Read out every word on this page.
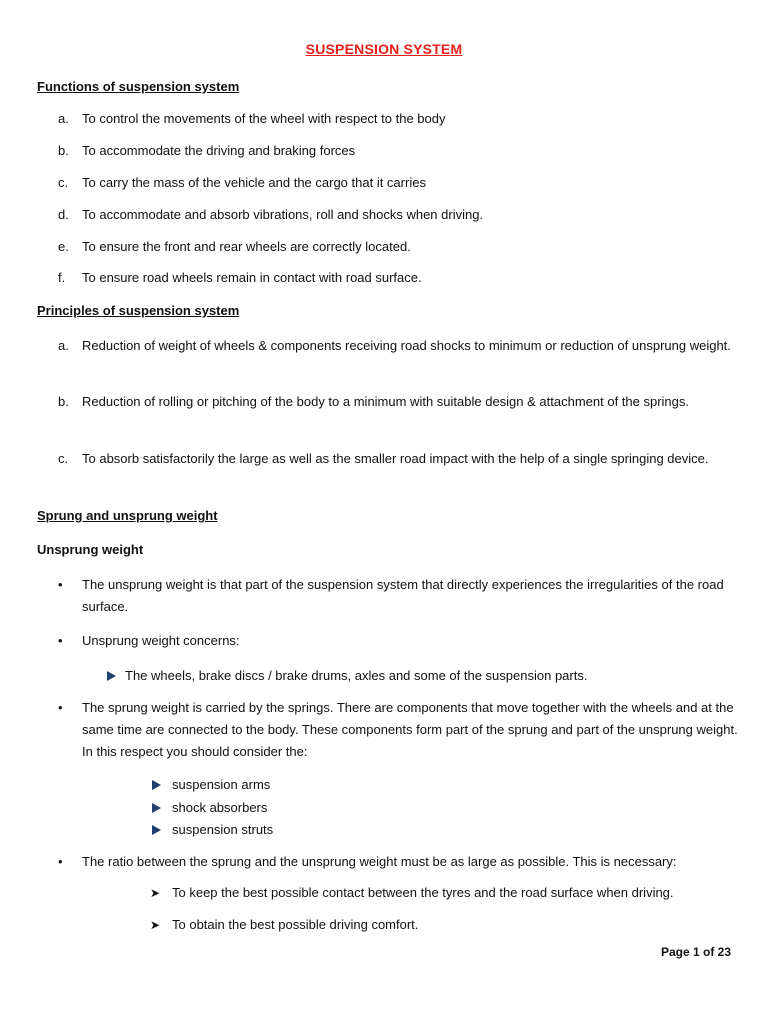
SUSPENSION SYSTEM
Functions of suspension system
a.	To control the movements of the wheel with respect to the body
b.	To accommodate the driving and braking forces
c.	To carry the mass of the vehicle and the cargo that it carries
d.	To accommodate and absorb vibrations, roll and shocks when driving.
e.	To ensure the front and rear wheels are correctly located.
f.	To ensure road wheels remain in contact with road surface.
Principles of suspension system
a.	Reduction of weight of wheels & components receiving road shocks to minimum or reduction of unsprung weight.
b.	Reduction of rolling or pitching of the body to a minimum with suitable design & attachment of the springs.
c.	To absorb satisfactorily the large as well as the smaller road impact with the help of a single springing device.
Sprung and unsprung weight
Unsprung weight
•	The unsprung weight is that part of the suspension system that directly experiences the irregularities of the road surface.
•	Unsprung weight concerns:
The wheels, brake discs / brake drums, axles and some of the suspension parts.
•	The sprung weight is carried by the springs. There are components that move together with the wheels and at the same time are connected to the body. These components form part of the sprung and part of the unsprung weight. In this respect you should consider the:
suspension arms
shock absorbers
suspension struts
•	The ratio between the sprung and the unsprung weight must be as large as possible. This is necessary:
➤ To keep the best possible contact between the tyres and the road surface when driving.
➤ To obtain the best possible driving comfort.
Page 1 of 23
